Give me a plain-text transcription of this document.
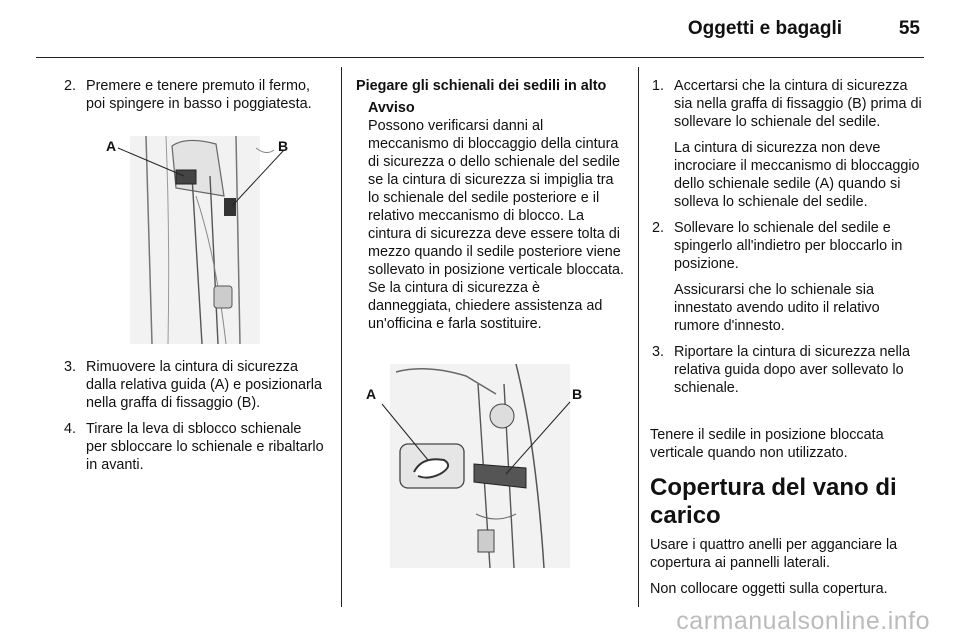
Oggetti e bagagli	55
2. Premere e tenere premuto il fermo, poi spingere in basso i poggiatesta.
A	B
3. Rimuovere la cintura di sicurezza dalla relativa guida (A) e posizionarla nella graffa di fissaggio (B).
4. Tirare la leva di sblocco schienale per sbloccare lo schienale e ribaltarlo in avanti.
Piegare gli schienali dei sedili in alto
Avviso
Possono verificarsi danni al meccanismo di bloccaggio della cintura di sicurezza o dello schienale del sedile se la cintura di sicurezza si impiglia tra lo schienale del sedile posteriore e il relativo meccanismo di blocco. La cintura di sicurezza deve essere tolta di mezzo quando il sedile posteriore viene sollevato in posizione verticale bloccata. Se la cintura di sicurezza è danneggiata, chiedere assistenza ad un'officina e farla sostituire.
A	B
1. Accertarsi che la cintura di sicurezza sia nella graffa di fissaggio (B) prima di sollevare lo schienale del sedile.
La cintura di sicurezza non deve incrociare il meccanismo di bloccaggio dello schienale sedile (A) quando si solleva lo schienale del sedile.
2. Sollevare lo schienale del sedile e spingerlo all'indietro per bloccarlo in posizione.
Assicurarsi che lo schienale sia innestato avendo udito il relativo rumore d'innesto.
3. Riportare la cintura di sicurezza nella relativa guida dopo aver sollevato lo schienale.
Tenere il sedile in posizione bloccata verticale quando non utilizzato.
Copertura del vano di carico
Usare i quattro anelli per agganciare la copertura ai pannelli laterali.
Non collocare oggetti sulla copertura.
carmanualsonline.info
